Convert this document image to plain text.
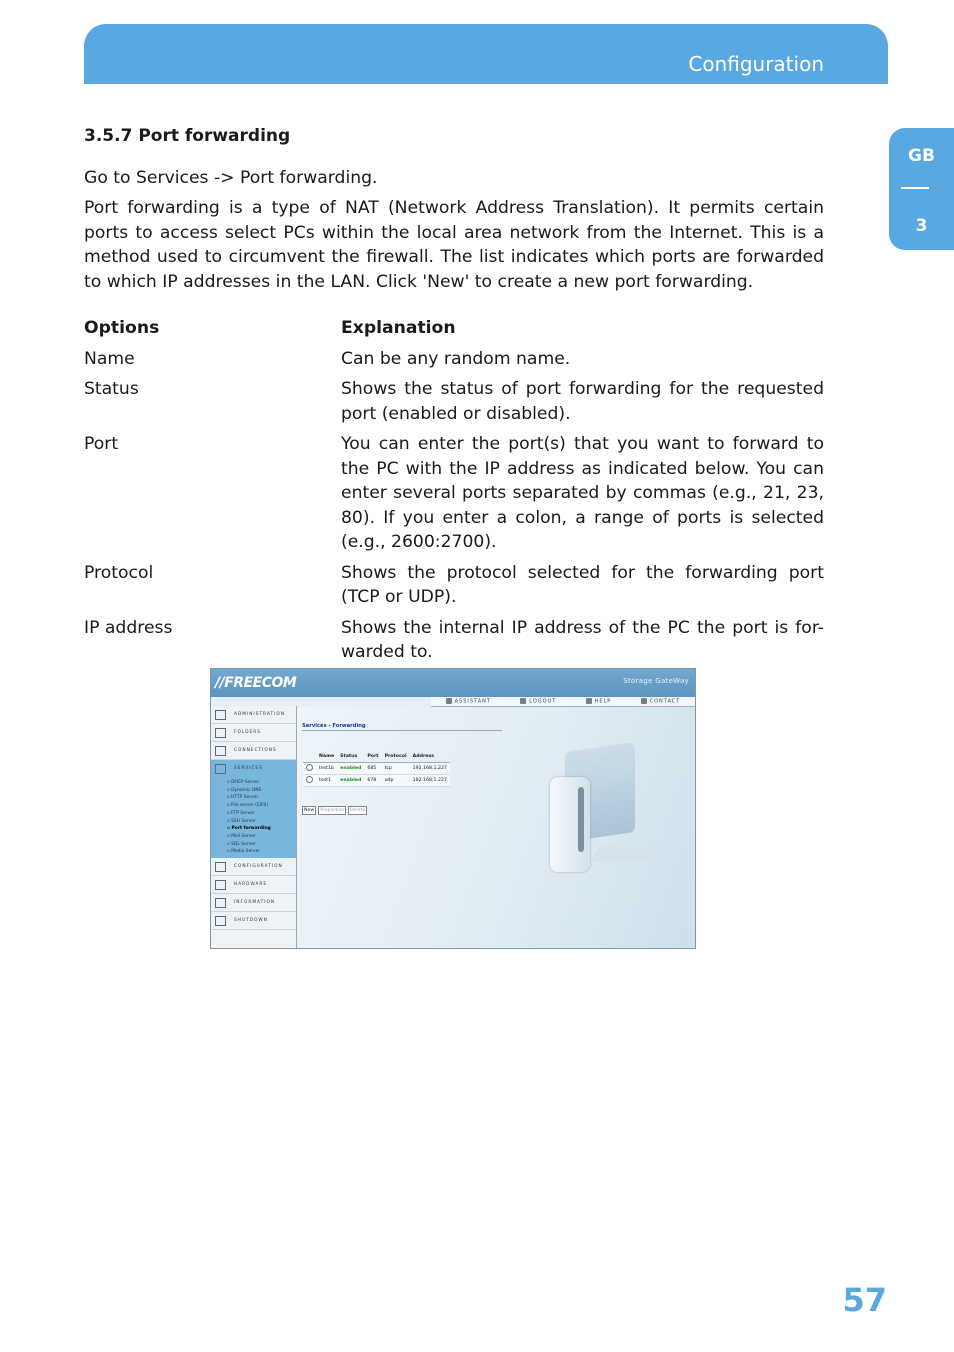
Configuration
GB
3
3.5.7 Port forwarding

Go to Services -> Port forwarding.

Port forwarding is a type of NAT (Network Address Translation). It permits certain ports to access select PCs within the local area network from the Internet. This is a method used to circumvent the firewall. The list indicates which ports are forwarded to which IP addresses in the LAN. Click 'New' to create a new port forwarding.

Options	Explanation
Name	Can be any random name.
Status	Shows the status of port forwarding for the requested port (enabled or disabled).
Port	You can enter the port(s) that you want to forward to the PC with the IP address as indicated below. You can enter several ports separated by commas (e.g., 21, 23, 80). If you enter a colon, a range of ports is selected (e.g., 2600:2700).
Protocol	Shows the protocol selected for the forwarding port (TCP or UDP).
IP address	Shows the internal IP address of the PC the port is for-warded to.
//FREECOM	Storage GateWay
ASSISTANT	LOGOUT	HELP	CONTACT
ADMINISTRATION
FOLDERS
CONNECTIONS
SERVICES
o DHCP Server
o Dynamic DNS
o HTTP Server
o File server (CIFS)
o FTP Server
o SSH Server
o Port forwarding
o Mail Server
o SQL Server
o Media Server
CONFIGURATION
HARDWARE
INFORMATION
SHUTDOWN
Services - Forwarding
	Name	Status	Port	Protocol	Address
	test1b	enabled	685	tcp	192.168.1.227
	test1	enabled	678	udp	192.168.1.227
New	Properties	Delete
57
